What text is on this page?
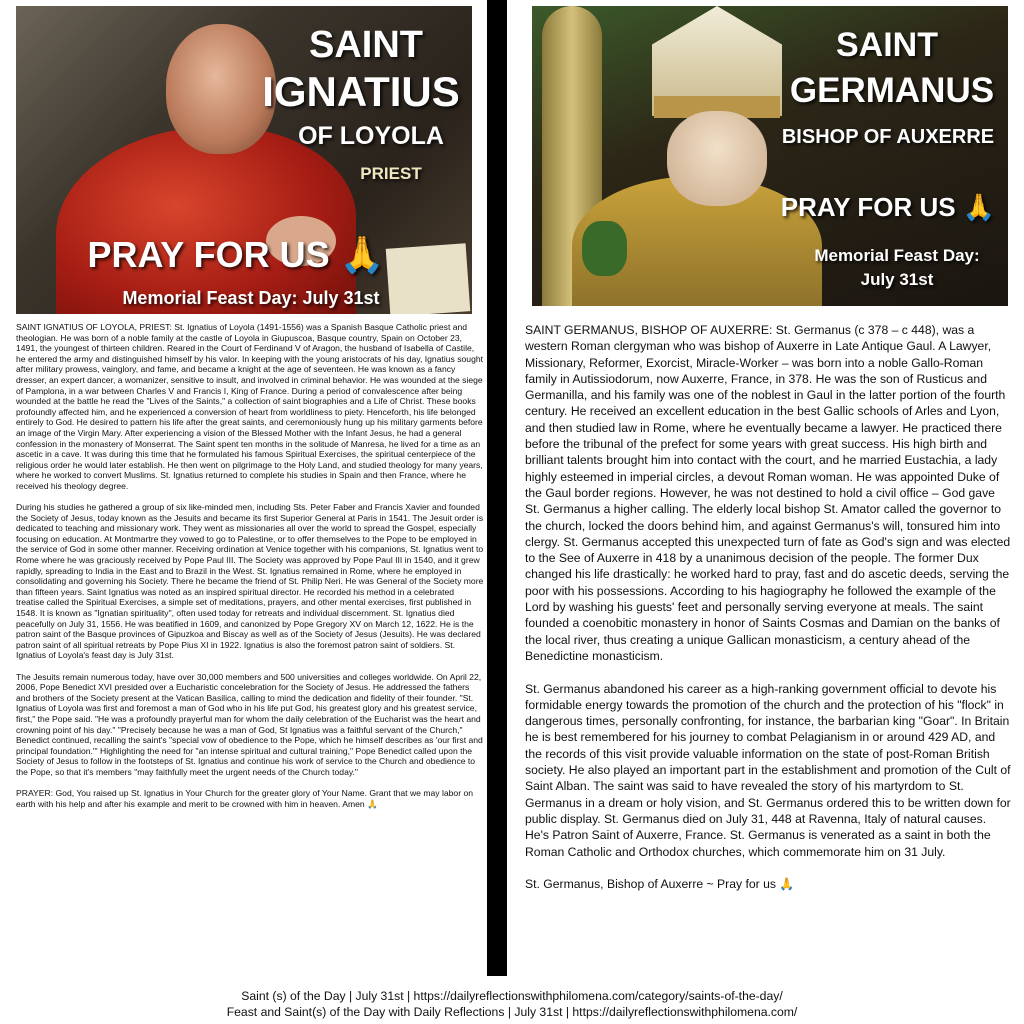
SAINT
IGNATIUS
OF LOYOLA
PRIEST
PRAY FOR US 🙏
Memorial Feast Day: July 31st
SAINT
GERMANUS
BISHOP OF AUXERRE
PRAY FOR US 🙏
Memorial Feast Day:
July 31st

SAINT IGNATIUS OF LOYOLA, PRIEST: St. Ignatius of Loyola (1491-1556) was a Spanish Basque Catholic priest and theologian. He was born of a noble family at the castle of Loyola in Giupuscoa, Basque country, Spain on October 23, 1491, the youngest of thirteen children. Reared in the Court of Ferdinand V of Aragon, the husband of Isabella of Castile, he entered the army and distinguished himself by his valor. In keeping with the young aristocrats of his day, Ignatius sought after military prowess, vainglory, and fame, and became a knight at the age of seventeen. He was known as a fancy dresser, an expert dancer, a womanizer, sensitive to insult, and involved in criminal behavior. He was wounded at the siege of Pamplona, in a war between Charles V and Francis I, King of France. During a period of convalescence after being wounded at the battle he read the "Lives of the Saints," a collection of saint biographies and a Life of Christ. These books profoundly affected him, and he experienced a conversion of heart from worldliness to piety. Henceforth, his life belonged entirely to God. He desired to pattern his life after the great saints, and ceremoniously hung up his military garments before an image of the Virgin Mary. After experiencing a vision of the Blessed Mother with the Infant Jesus, he had a general confession in the monastery of Monserrat. The Saint spent ten months in the solitude of Manresa, he lived for a time as an ascetic in a cave. It was during this time that he formulated his famous Spiritual Exercises, the spiritual centerpiece of the religious order he would later establish. He then went on pilgrimage to the Holy Land, and studied theology for many years, where he worked to convert Muslims. St. Ignatius returned to complete his studies in Spain and then France, where he received his theology degree.

During his studies he gathered a group of six like-minded men, including Sts. Peter Faber and Francis Xavier and founded the Society of Jesus, today known as the Jesuits and became its first Superior General at Paris in 1541. The Jesuit order is dedicated to teaching and missionary work. They went as missionaries all over the world to spread the Gospel, especially focusing on education. At Montmartre they vowed to go to Palestine, or to offer themselves to the Pope to be employed in the service of God in some other manner. Receiving ordination at Venice together with his companions, St. Ignatius went to Rome where he was graciously received by Pope Paul III. The Society was approved by Pope Paul III in 1540, and it grew rapidly, spreading to India in the East and to Brazil in the West. St. Ignatius remained in Rome, where he employed in consolidating and governing his Society. There he became the friend of St. Philip Neri. He was General of the Society more than fifteen years. Saint Ignatius was noted as an inspired spiritual director. He recorded his method in a celebrated treatise called the Spiritual Exercises, a simple set of meditations, prayers, and other mental exercises, first published in 1548. It is known as "Ignatian spirituality", often used today for retreats and individual discernment. St. Ignatius died peacefully on July 31, 1556. He was beatified in 1609, and canonized by Pope Gregory XV on March 12, 1622. He is the patron saint of the Basque provinces of Gipuzkoa and Biscay as well as of the Society of Jesus (Jesuits). He was declared patron saint of all spiritual retreats by Pope Pius XI in 1922. Ignatius is also the foremost patron saint of soldiers. St. Ignatius of Loyola's feast day is July 31st.

The Jesuits remain numerous today, have over 30,000 members and 500 universities and colleges worldwide. On April 22, 2006, Pope Benedict XVI presided over a Eucharistic concelebration for the Society of Jesus. He addressed the fathers and brothers of the Society present at the Vatican Basilica, calling to mind the dedication and fidelity of their founder. "St. Ignatius of Loyola was first and foremost a man of God who in his life put God, his greatest glory and his greatest service, first," the Pope said. "He was a profoundly prayerful man for whom the daily celebration of the Eucharist was the heart and crowning point of his day." "Precisely because he was a man of God, St Ignatius was a faithful servant of the Church," Benedict continued, recalling the saint's "special vow of obedience to the Pope, which he himself describes as 'our first and principal foundation.'" Highlighting the need for "an intense spiritual and cultural training," Pope Benedict called upon the Society of Jesus to follow in the footsteps of St. Ignatius and continue his work of service to the Church and obedience to the Pope, so that it's members "may faithfully meet the urgent needs of the Church today."

PRAYER: God, You raised up St. Ignatius in Your Church for the greater glory of Your Name. Grant that we may labor on earth with his help and after his example and merit to be crowned with him in heaven. Amen 🙏

SAINT GERMANUS, BISHOP OF AUXERRE: St. Germanus (c 378 – c 448), was a western Roman clergyman who was bishop of Auxerre in Late Antique Gaul. A Lawyer, Missionary, Reformer, Exorcist, Miracle-Worker – was born into a noble Gallo-Roman family in Autissiodorum, now Auxerre, France, in 378. He was the son of Rusticus and Germanilla, and his family was one of the noblest in Gaul in the latter portion of the fourth century. He received an excellent education in the best Gallic schools of Arles and Lyon, and then studied law in Rome, where he eventually became a lawyer. He practiced there before the tribunal of the prefect for some years with great success. His high birth and brilliant talents brought him into contact with the court, and he married Eustachia, a lady highly esteemed in imperial circles, a devout Roman woman. He was appointed Duke of the Gaul border regions. However, he was not destined to hold a civil office – God gave St. Germanus a higher calling. The elderly local bishop St. Amator called the governor to the church, locked the doors behind him, and against Germanus's will, tonsured him into clergy. St. Germanus accepted this unexpected turn of fate as God's sign and was elected to the See of Auxerre in 418 by a unanimous decision of the people. The former Dux changed his life drastically: he worked hard to pray, fast and do ascetic deeds, serving the poor with his possessions. According to his hagiography he followed the example of the Lord by washing his guests' feet and personally serving everyone at meals. The saint founded a coenobitic monastery in honor of Saints Cosmas and Damian on the banks of the local river, thus creating a unique Gallican monasticism, a century ahead of the Benedictine monasticism.

St. Germanus abandoned his career as a high-ranking government official to devote his formidable energy towards the promotion of the church and the protection of his "flock" in dangerous times, personally confronting, for instance, the barbarian king "Goar". In Britain he is best remembered for his journey to combat Pelagianism in or around 429 AD, and the records of this visit provide valuable information on the state of post-Roman British society. He also played an important part in the establishment and promotion of the Cult of Saint Alban. The saint was said to have revealed the story of his martyrdom to St. Germanus in a dream or holy vision, and St. Germanus ordered this to be written down for public display. St. Germanus died on July 31, 448 at Ravenna, Italy of natural causes. He's Patron Saint of Auxerre, France. St. Germanus is venerated as a saint in both the Roman Catholic and Orthodox churches, which commemorate him on 31 July.

St. Germanus, Bishop of Auxerre ~ Pray for us 🙏

Saint (s) of the Day | July 31st | https://dailyreflectionswithphilomena.com/category/saints-of-the-day/
Feast and Saint(s) of the Day with Daily Reflections | July 31st | https://dailyreflectionswithphilomena.com/
